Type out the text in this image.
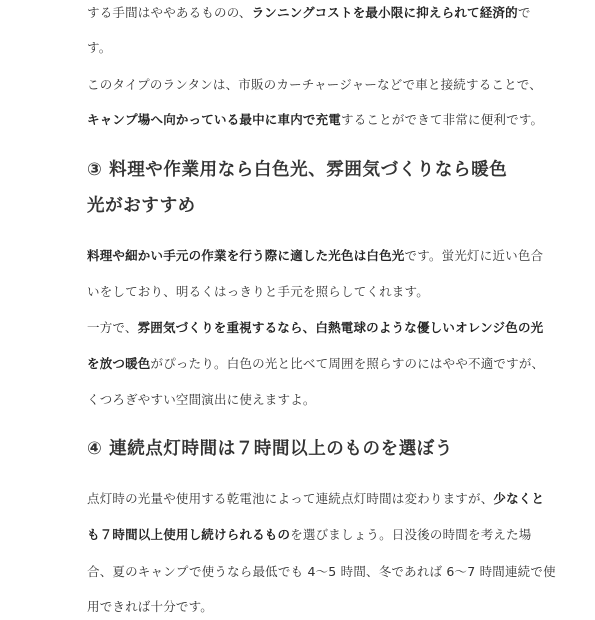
する手間はややあるものの、ランニングコストを最小限に抑えられて経済的で
す。
このタイプのランタンは、市販のカーチャージャーなどで車と接続することで、
キャンプ場へ向かっている最中に車内で充電することができて非常に便利です。
③ 料理や作業用なら白色光、雰囲気づくりなら暖色
光がおすすめ
料理や細かい手元の作業を行う際に適した光色は白色光です。蛍光灯に近い色合
いをしており、明るくはっきりと手元を照らしてくれます。
一方で、雰囲気づくりを重視するなら、白熱電球のような優しいオレンジ色の光
を放つ暖色がぴったり。白色の光と比べて周囲を照らすのにはやや不適ですが、
くつろぎやすい空間演出に使えますよ。
④ 連続点灯時間は７時間以上のものを選ぼう
点灯時の光量や使用する乾電池によって連続点灯時間は変わりますが、少なくと
も７時間以上使用し続けられるものを選びましょう。日没後の時間を考えた場
合、夏のキャンプで使うなら最低でも 4〜5 時間、冬であれば 6〜7 時間連続で使
用できれば十分です。
